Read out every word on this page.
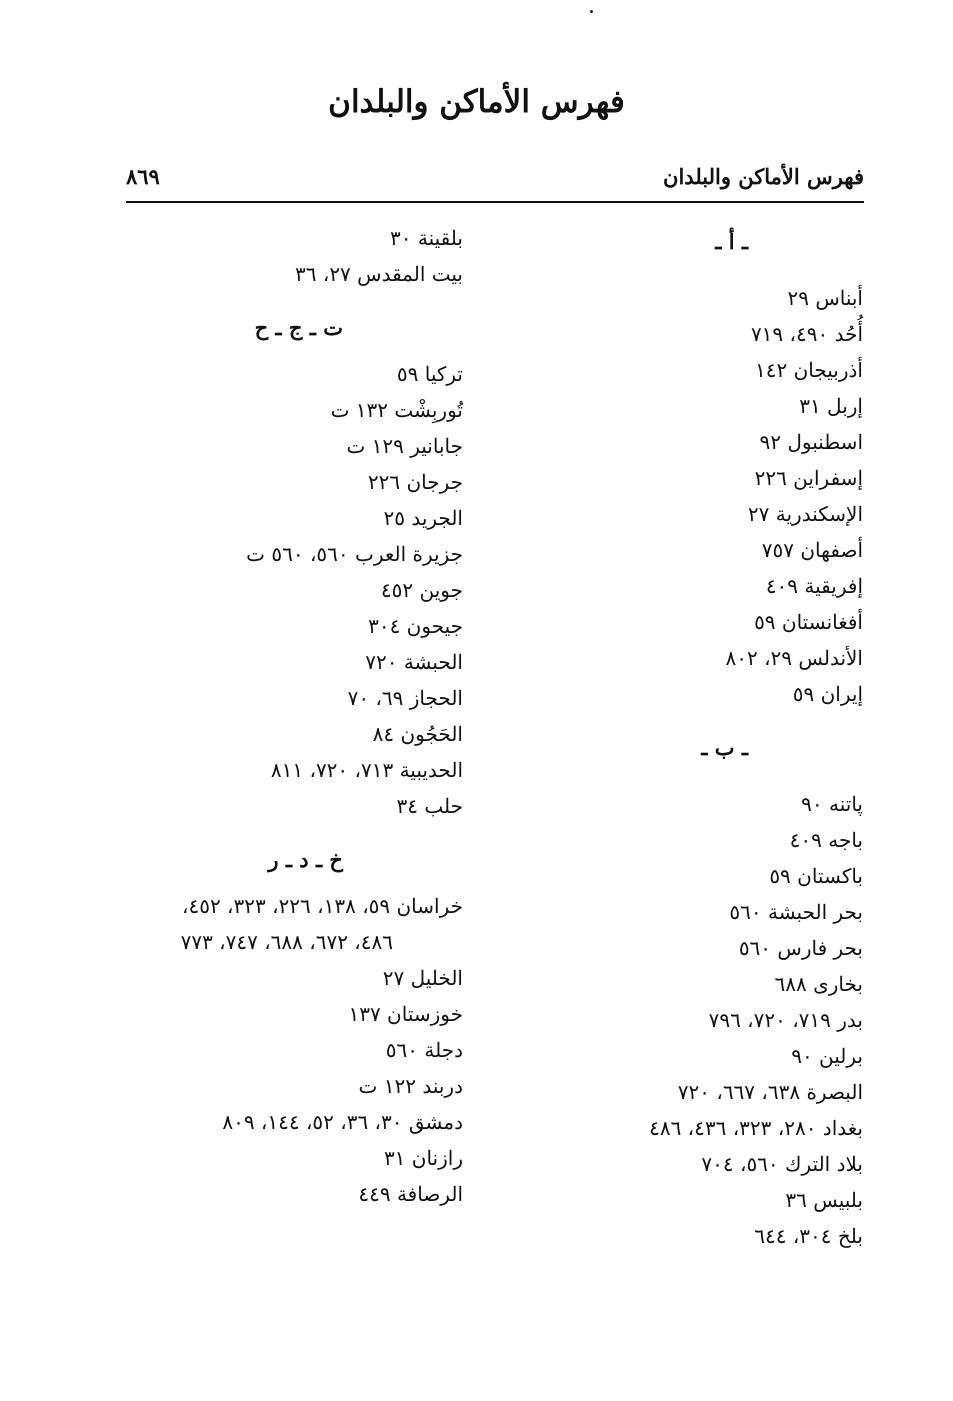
فهرس الأماكن والبلدان
فهرس الأماكن والبلدان
٨٦٩
ـ أ ـ
أبناس ٢٩
أُحُد ٤٩٠، ٧١٩
أذربيجان ١٤٢
إربل ٣١
اسطنبول ٩٢
إسفراين ٢٢٦
الإسكندرية ٢٧
أصفهان ٧٥٧
إفريقية ٤٠٩
أفغانستان ٥٩
الأندلس ٢٩، ٨٠٢
إيران ٥٩
ـ ب ـ
پاتنه ٩٠
باجه ٤٠٩
باكستان ٥٩
بحر الحبشة ٥٦٠
بحر فارس ٥٦٠
بخارى ٦٨٨
بدر ٧١٩، ٧٢٠، ٧٩٦
برلين ٩٠
البصرة ٦٣٨، ٦٦٧، ٧٢٠
بغداد ٢٨٠، ٣٢٣، ٤٣٦، ٤٨٦
بلاد الترك ٥٦٠، ٧٠٤
بلبيس ٣٦
بلخ ٣٠٤، ٦٤٤
بلقينة ٣٠
بيت المقدس ٢٧، ٣٦
ت ـ ج ـ ح
تركيا ٥٩
تُوربِشْت ١٣٢ ت
جابانير ١٢٩ ت
جرجان ٢٢٦
الجريد ٢٥
جزيرة العرب ٥٦٠، ٥٦٠ ت
جوين ٤٥٢
جيحون ٣٠٤
الحبشة ٧٢٠
الحجاز ٦٩، ٧٠
الحَجُون ٨٤
الحديبية ٧١٣، ٧٢٠، ٨١١
حلب ٣٤
خ ـ د ـ ر
خراسان ٥٩، ١٣٨، ٢٢٦، ٣٢٣، ٤٥٢،
٤٨٦، ٦٧٢، ٦٨٨، ٧٤٧، ٧٧٣
الخليل ٢٧
خوزستان ١٣٧
دجلة ٥٦٠
دربند ١٢٢ ت
دمشق ٣٠، ٣٦، ٥٢، ١٤٤، ٨٠٩
رازنان ٣١
الرصافة ٤٤٩
